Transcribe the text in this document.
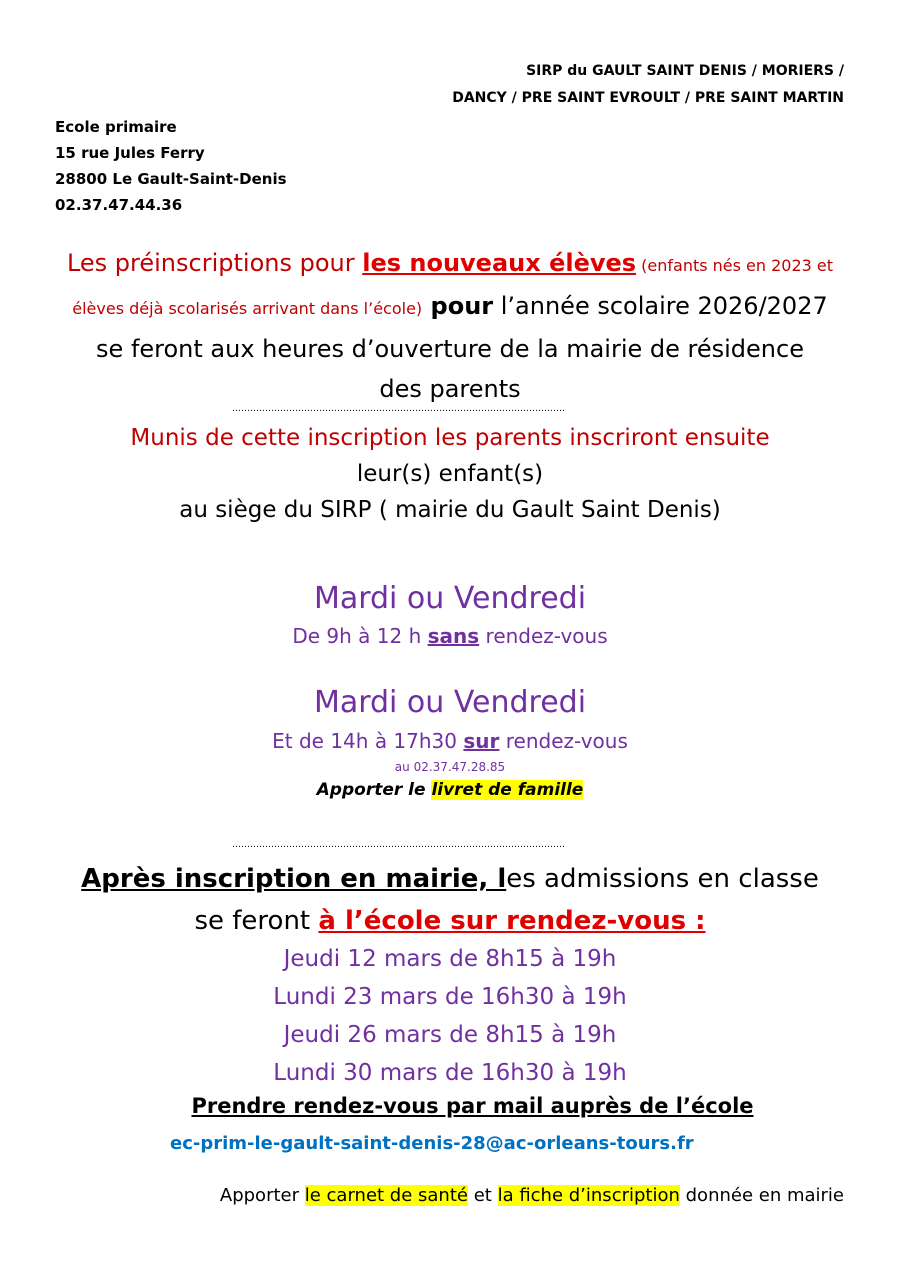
SIRP du GAULT SAINT DENIS / MORIERS /
DANCY / PRE SAINT EVROULT / PRE SAINT MARTIN
Ecole primaire
15 rue Jules Ferry
28800 Le Gault-Saint-Denis
02.37.47.44.36
Les préinscriptions pour les nouveaux élèves (enfants nés en 2023 et
élèves déjà scolarisés arrivant dans l’école) pour l’année scolaire 2026/2027
se feront aux heures d’ouverture de la mairie de résidence
des parents
…………………………………………………………………………………………………
Munis de cette inscription les parents inscriront ensuite
leur(s) enfant(s)
au siège du SIRP ( mairie du Gault Saint Denis)
Mardi ou Vendredi
De 9h à 12 h sans rendez-vous
Mardi ou Vendredi
Et de 14h à 17h30 sur rendez-vous
au 02.37.47.28.85
Apporter le livret de famille
…………………………………………………………………………………………………
Après inscription en mairie, les admissions en classe
se feront à l’école sur rendez-vous :
Jeudi 12 mars de 8h15 à 19h
Lundi 23 mars de 16h30 à 19h
Jeudi 26 mars de 8h15 à 19h
Lundi 30 mars de 16h30 à 19h
Prendre rendez-vous par mail auprès de l’école
ec-prim-le-gault-saint-denis-28@ac-orleans-tours.fr
Apporter le carnet de santé et la fiche d’inscription donnée en mairie
